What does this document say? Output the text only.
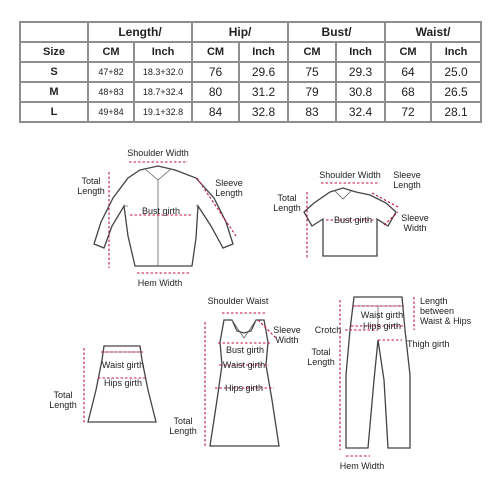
	Length/		Hip/		Bust/		Waist/	
Size	CM	Inch	CM	Inch	CM	Inch	CM	Inch
S	47+82	18.3+32.0	76	29.6	75	29.3	64	25.0
M	48+83	18.7+32.4	80	31.2	79	30.8	68	26.5
L	49+84	19.1+32.8	84	32.8	83	32.4	72	28.1
Shoulder Width
Total
Length
Sleeve
Length
Bust girth
Hem Width
Shoulder Width	Sleeve
Length
Total
Length
Bust girth	Sleeve
Width
Waist girth
Hips girth
Total
Length
Shoulder Waist
Sleeve
Width
Bust girth
Waist girth
Hips girth
Total
Length
Length
between
Waist & Hips
Crotch
Waist girth
Hips girth
Thigh girth
Total
Length
Hem Width
